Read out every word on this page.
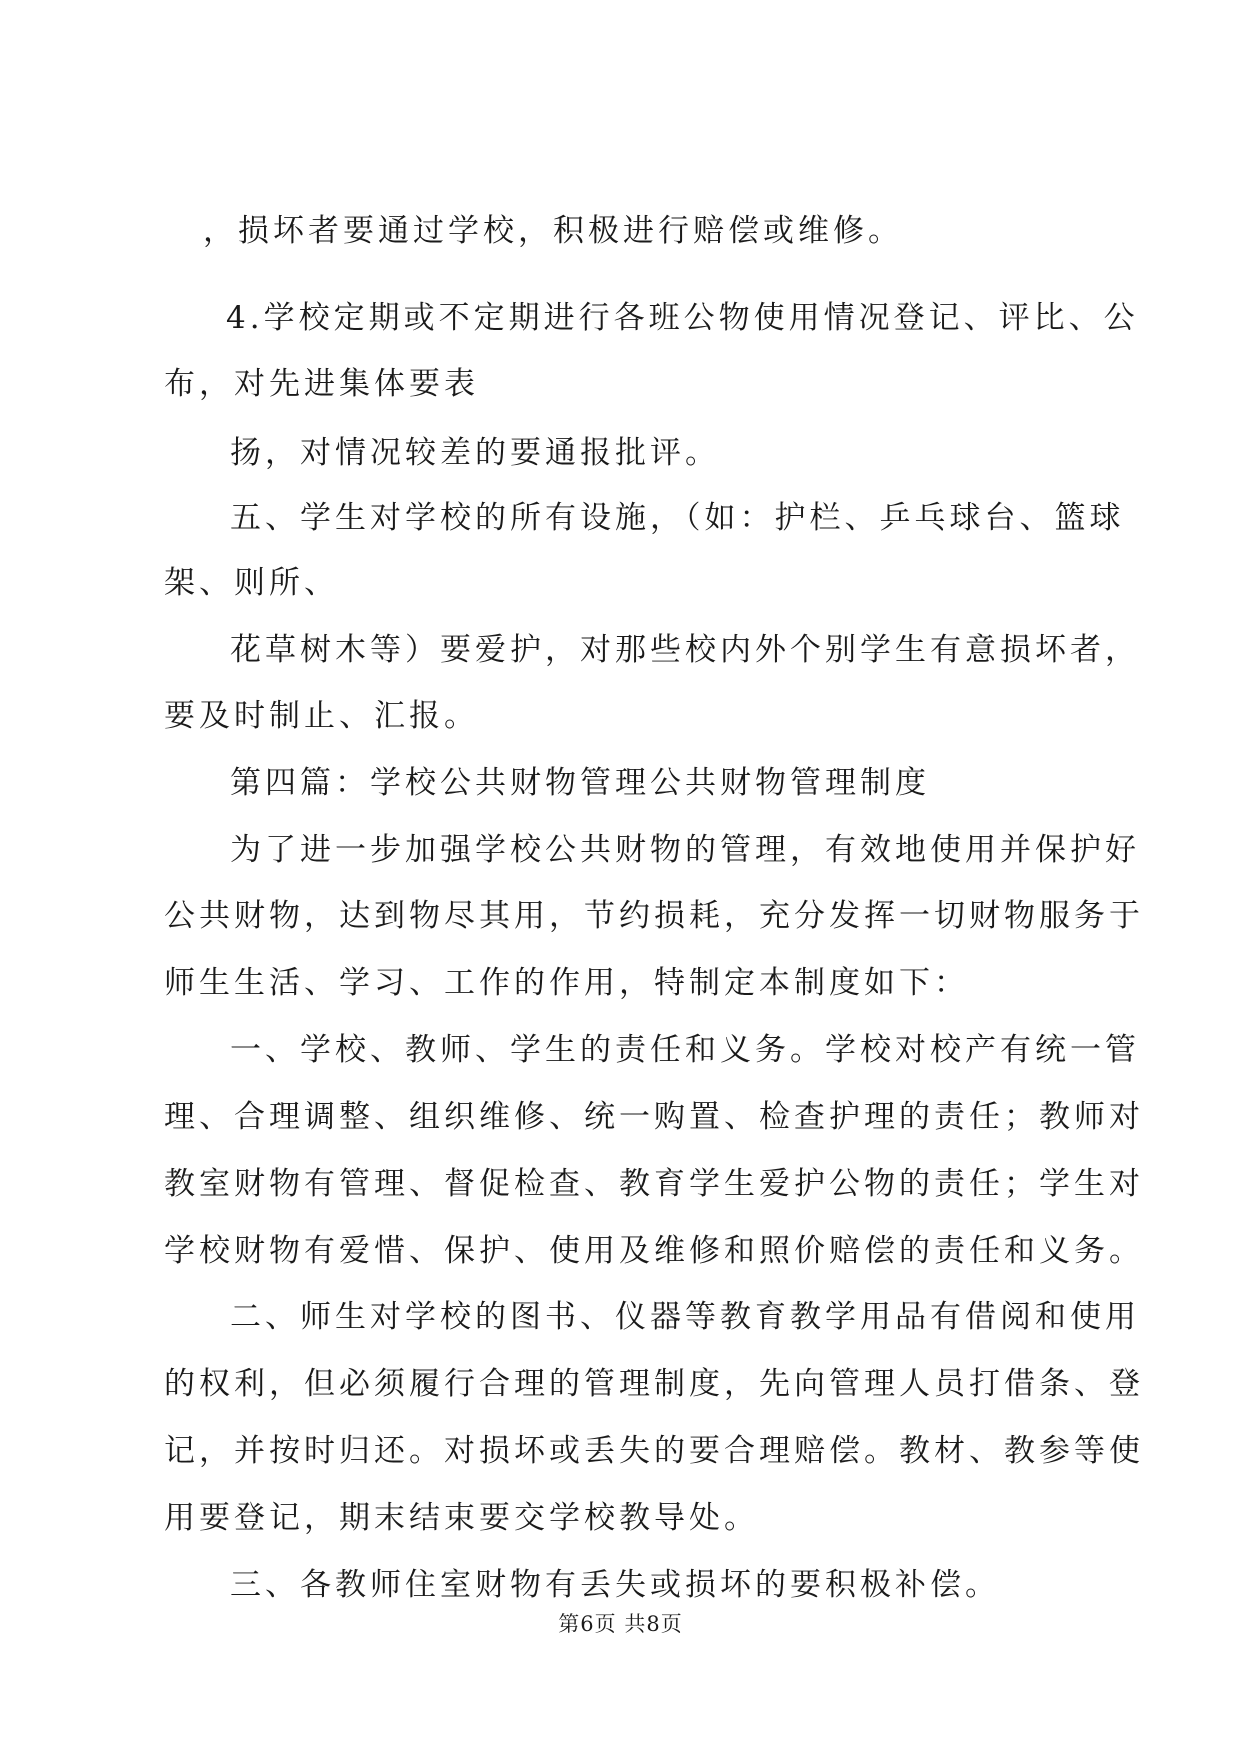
，损坏者要通过学校，积极进行赔偿或维修。
4.学校定期或不定期进行各班公物使用情况登记、评比、公
布，对先进集体要表
扬，对情况较差的要通报批评。
五、学生对学校的所有设施，（如：护栏、乒乓球台、篮球
架、则所、
花草树木等）要爱护，对那些校内外个别学生有意损坏者，
要及时制止、汇报。
第四篇：学校公共财物管理公共财物管理制度
为了进一步加强学校公共财物的管理，有效地使用并保护好
公共财物，达到物尽其用，节约损耗，充分发挥一切财物服务于
师生生活、学习、工作的作用，特制定本制度如下：
一、学校、教师、学生的责任和义务。学校对校产有统一管
理、合理调整、组织维修、统一购置、检查护理的责任；教师对
教室财物有管理、督促检查、教育学生爱护公物的责任；学生对
学校财物有爱惜、保护、使用及维修和照价赔偿的责任和义务。
二、师生对学校的图书、仪器等教育教学用品有借阅和使用
的权利，但必须履行合理的管理制度，先向管理人员打借条、登
记，并按时归还。对损坏或丢失的要合理赔偿。教材、教参等使
用要登记，期末结束要交学校教导处。
三、各教师住室财物有丢失或损坏的要积极补偿。
第6页 共8页
